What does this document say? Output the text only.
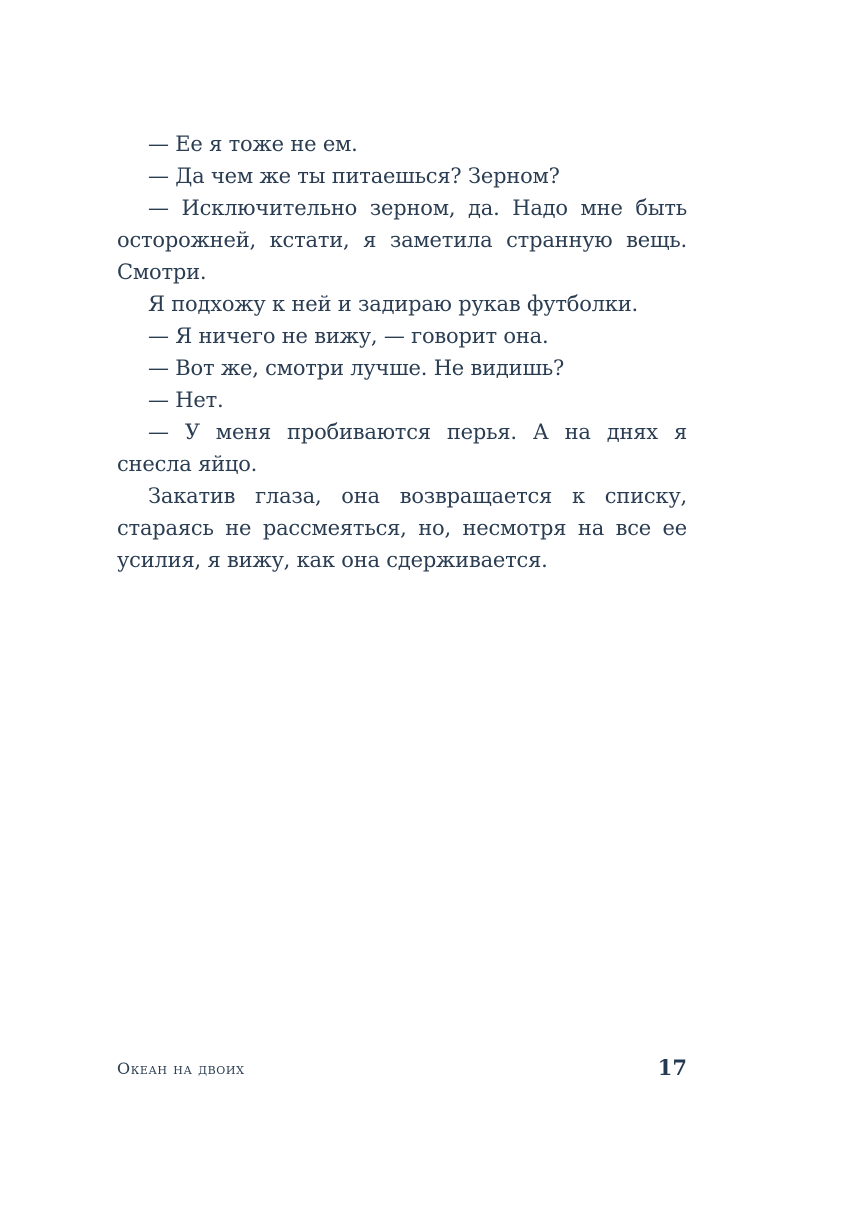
— Ее я тоже не ем.

— Да чем же ты питаешься? Зерном?

— Исключительно зерном, да. Надо мне быть осторожней, кстати, я заметила странную вещь. Смотри.

Я подхожу к ней и задираю рукав футболки.

— Я ничего не вижу, — говорит она.

— Вот же, смотри лучше. Не видишь?

— Нет.

— У меня пробиваются перья. А на днях я снесла яйцо.

Закатив глаза, она возвращается к списку, стараясь не рассмеяться, но, несмотря на все ее усилия, я вижу, как она сдерживается.

Океан на двоих	17
